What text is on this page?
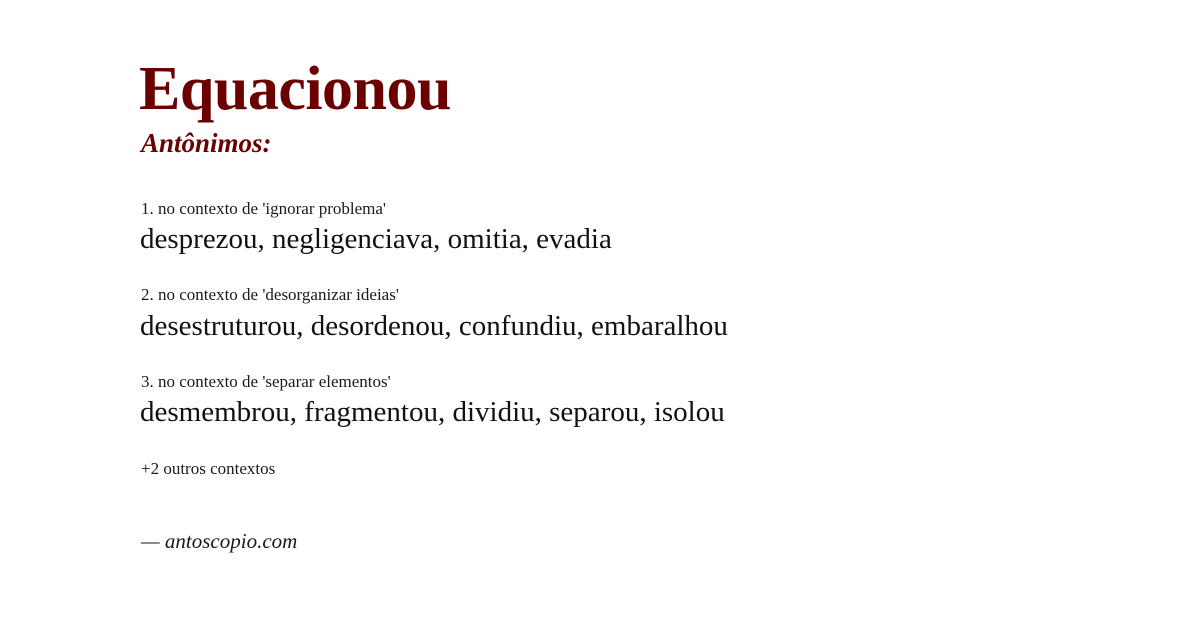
Equacionou
Antônimos:
1. no contexto de 'ignorar problema'
desprezou, negligenciava, omitia, evadia
2. no contexto de 'desorganizar ideias'
desestruturou, desordenou, confundiu, embaralhou
3. no contexto de 'separar elementos'
desmembrou, fragmentou, dividiu, separou, isolou
+2 outros contextos
— antoscopio.com
